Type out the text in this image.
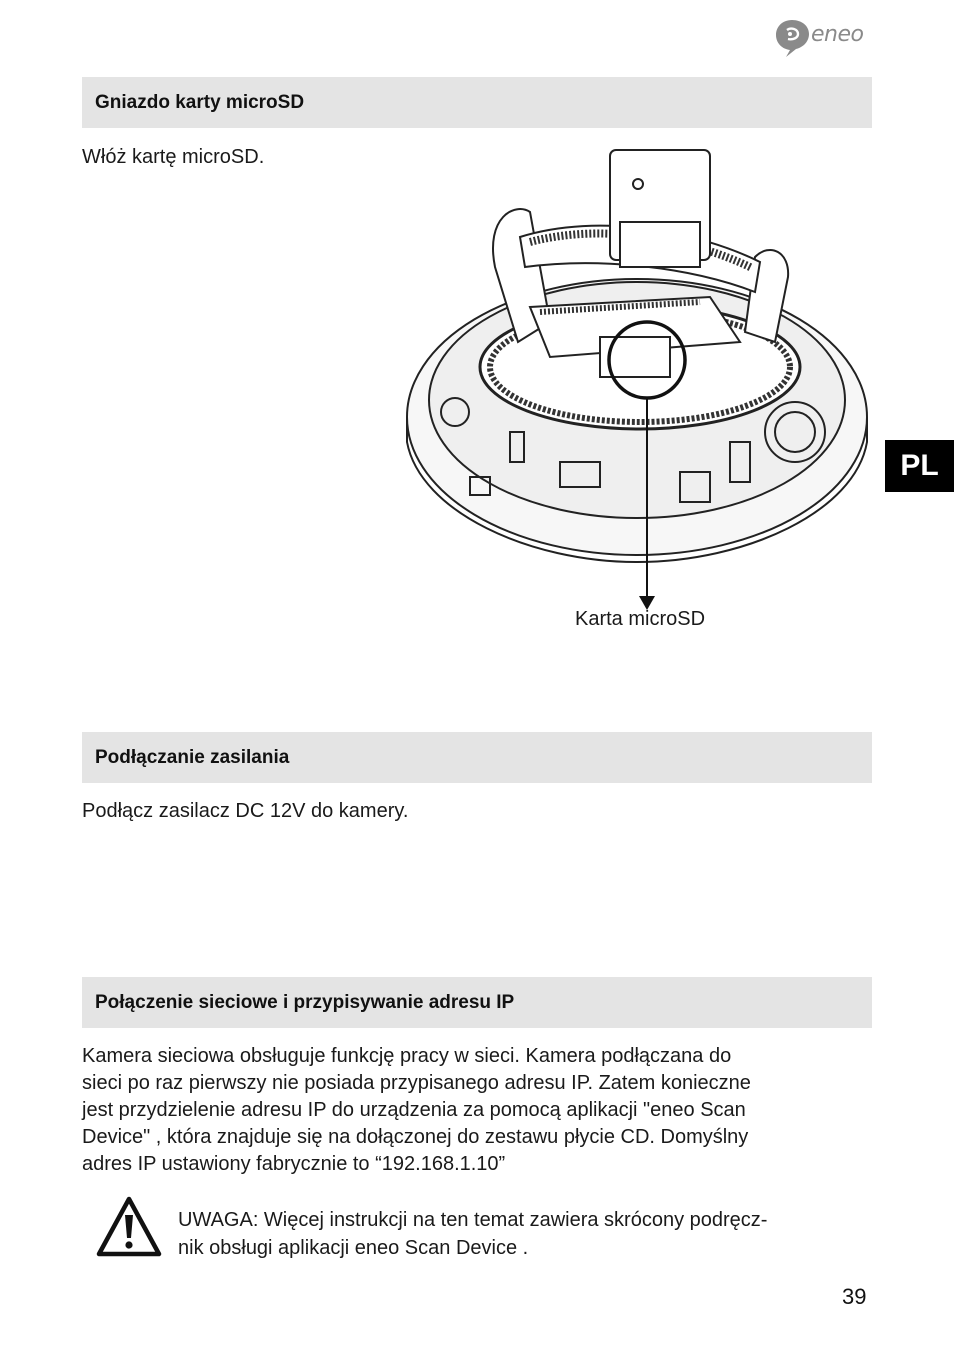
eneo
Gniazdo karty microSD
Włóż kartę microSD.
Karta microSD
PL
Podłączanie zasilania
Podłącz zasilacz DC 12V do kamery.
Połączenie sieciowe i przypisywanie adresu IP
Kamera sieciowa obsługuje funkcję pracy w sieci. Kamera podłączana do
sieci po raz pierwszy nie posiada przypisanego adresu IP. Zatem konieczne
jest przydzielenie adresu IP do urządzenia za pomocą aplikacji "eneo Scan
Device" , która znajduje się na dołączonej do zestawu płycie CD. Domyślny
adres IP ustawiony fabrycznie to “192.168.1.10”
UWAGA: Więcej instrukcji na ten temat zawiera skrócony podręcz-
nik obsługi aplikacji eneo Scan Device .
39
